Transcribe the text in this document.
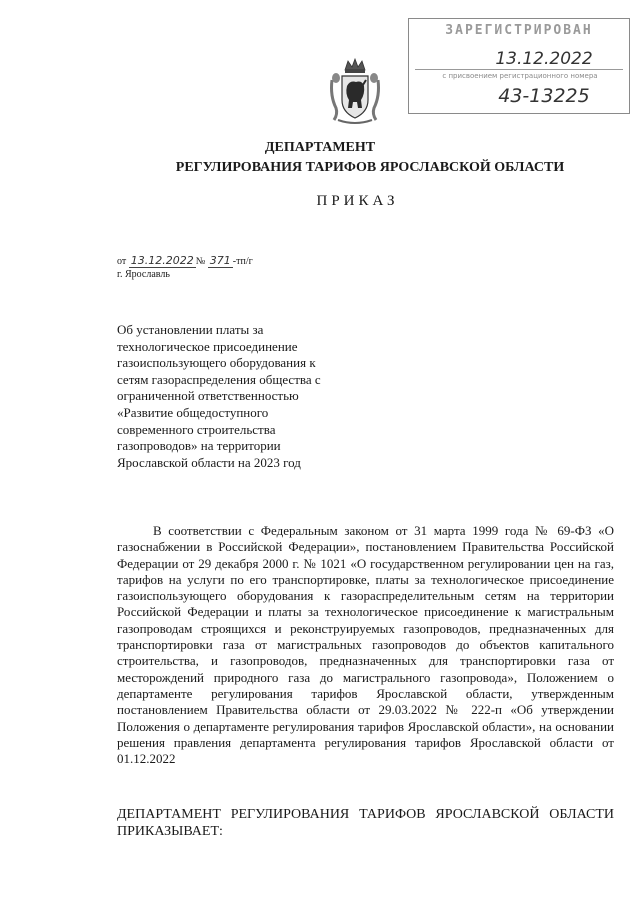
ЗАРЕГИСТРИРОВАН
13.12.2022
с присвоением регистрационного номера
43-13225
ДЕПАРТАМЕНТ
РЕГУЛИРОВАНИЯ ТАРИФОВ ЯРОСЛАВСКОЙ ОБЛАСТИ
ПРИКАЗ
от 13.12.2022 № 371 -тп/г
г. Ярославль
Об установлении платы за технологическое присоединение газоиспользующего оборудования к сетям газораспределения общества с ограниченной ответственностью «Развитие общедоступного современного строительства газопроводов» на территории Ярославской области на 2023 год

В соответствии с Федеральным законом от 31 марта 1999 года № 69-ФЗ «О газоснабжении в Российской Федерации», постановлением Правительства Российской Федерации от 29 декабря 2000 г. № 1021 «О государственном регулировании цен на газ, тарифов на услуги по его транспортировке, платы за технологическое присоединение газоиспользующего оборудования к газораспределительным сетям на территории Российской Федерации и платы за технологическое присоединение к магистральным газопроводам строящихся и реконструируемых газопроводов, предназначенных для транспортировки газа от магистральных газопроводов до объектов капитального строительства, и газопроводов, предназначенных для транспортировки газа от месторождений природного газа до магистрального газопровода», Положением о департаменте регулирования тарифов Ярославской области, утвержденным постановлением Правительства области от 29.03.2022 № 222-п «Об утверждении Положения о департаменте регулирования тарифов Ярославской области», на основании решения правления департамента регулирования тарифов Ярославской области от 01.12.2022

ДЕПАРТАМЕНТ РЕГУЛИРОВАНИЯ ТАРИФОВ ЯРОСЛАВСКОЙ ОБЛАСТИ ПРИКАЗЫВАЕТ:
